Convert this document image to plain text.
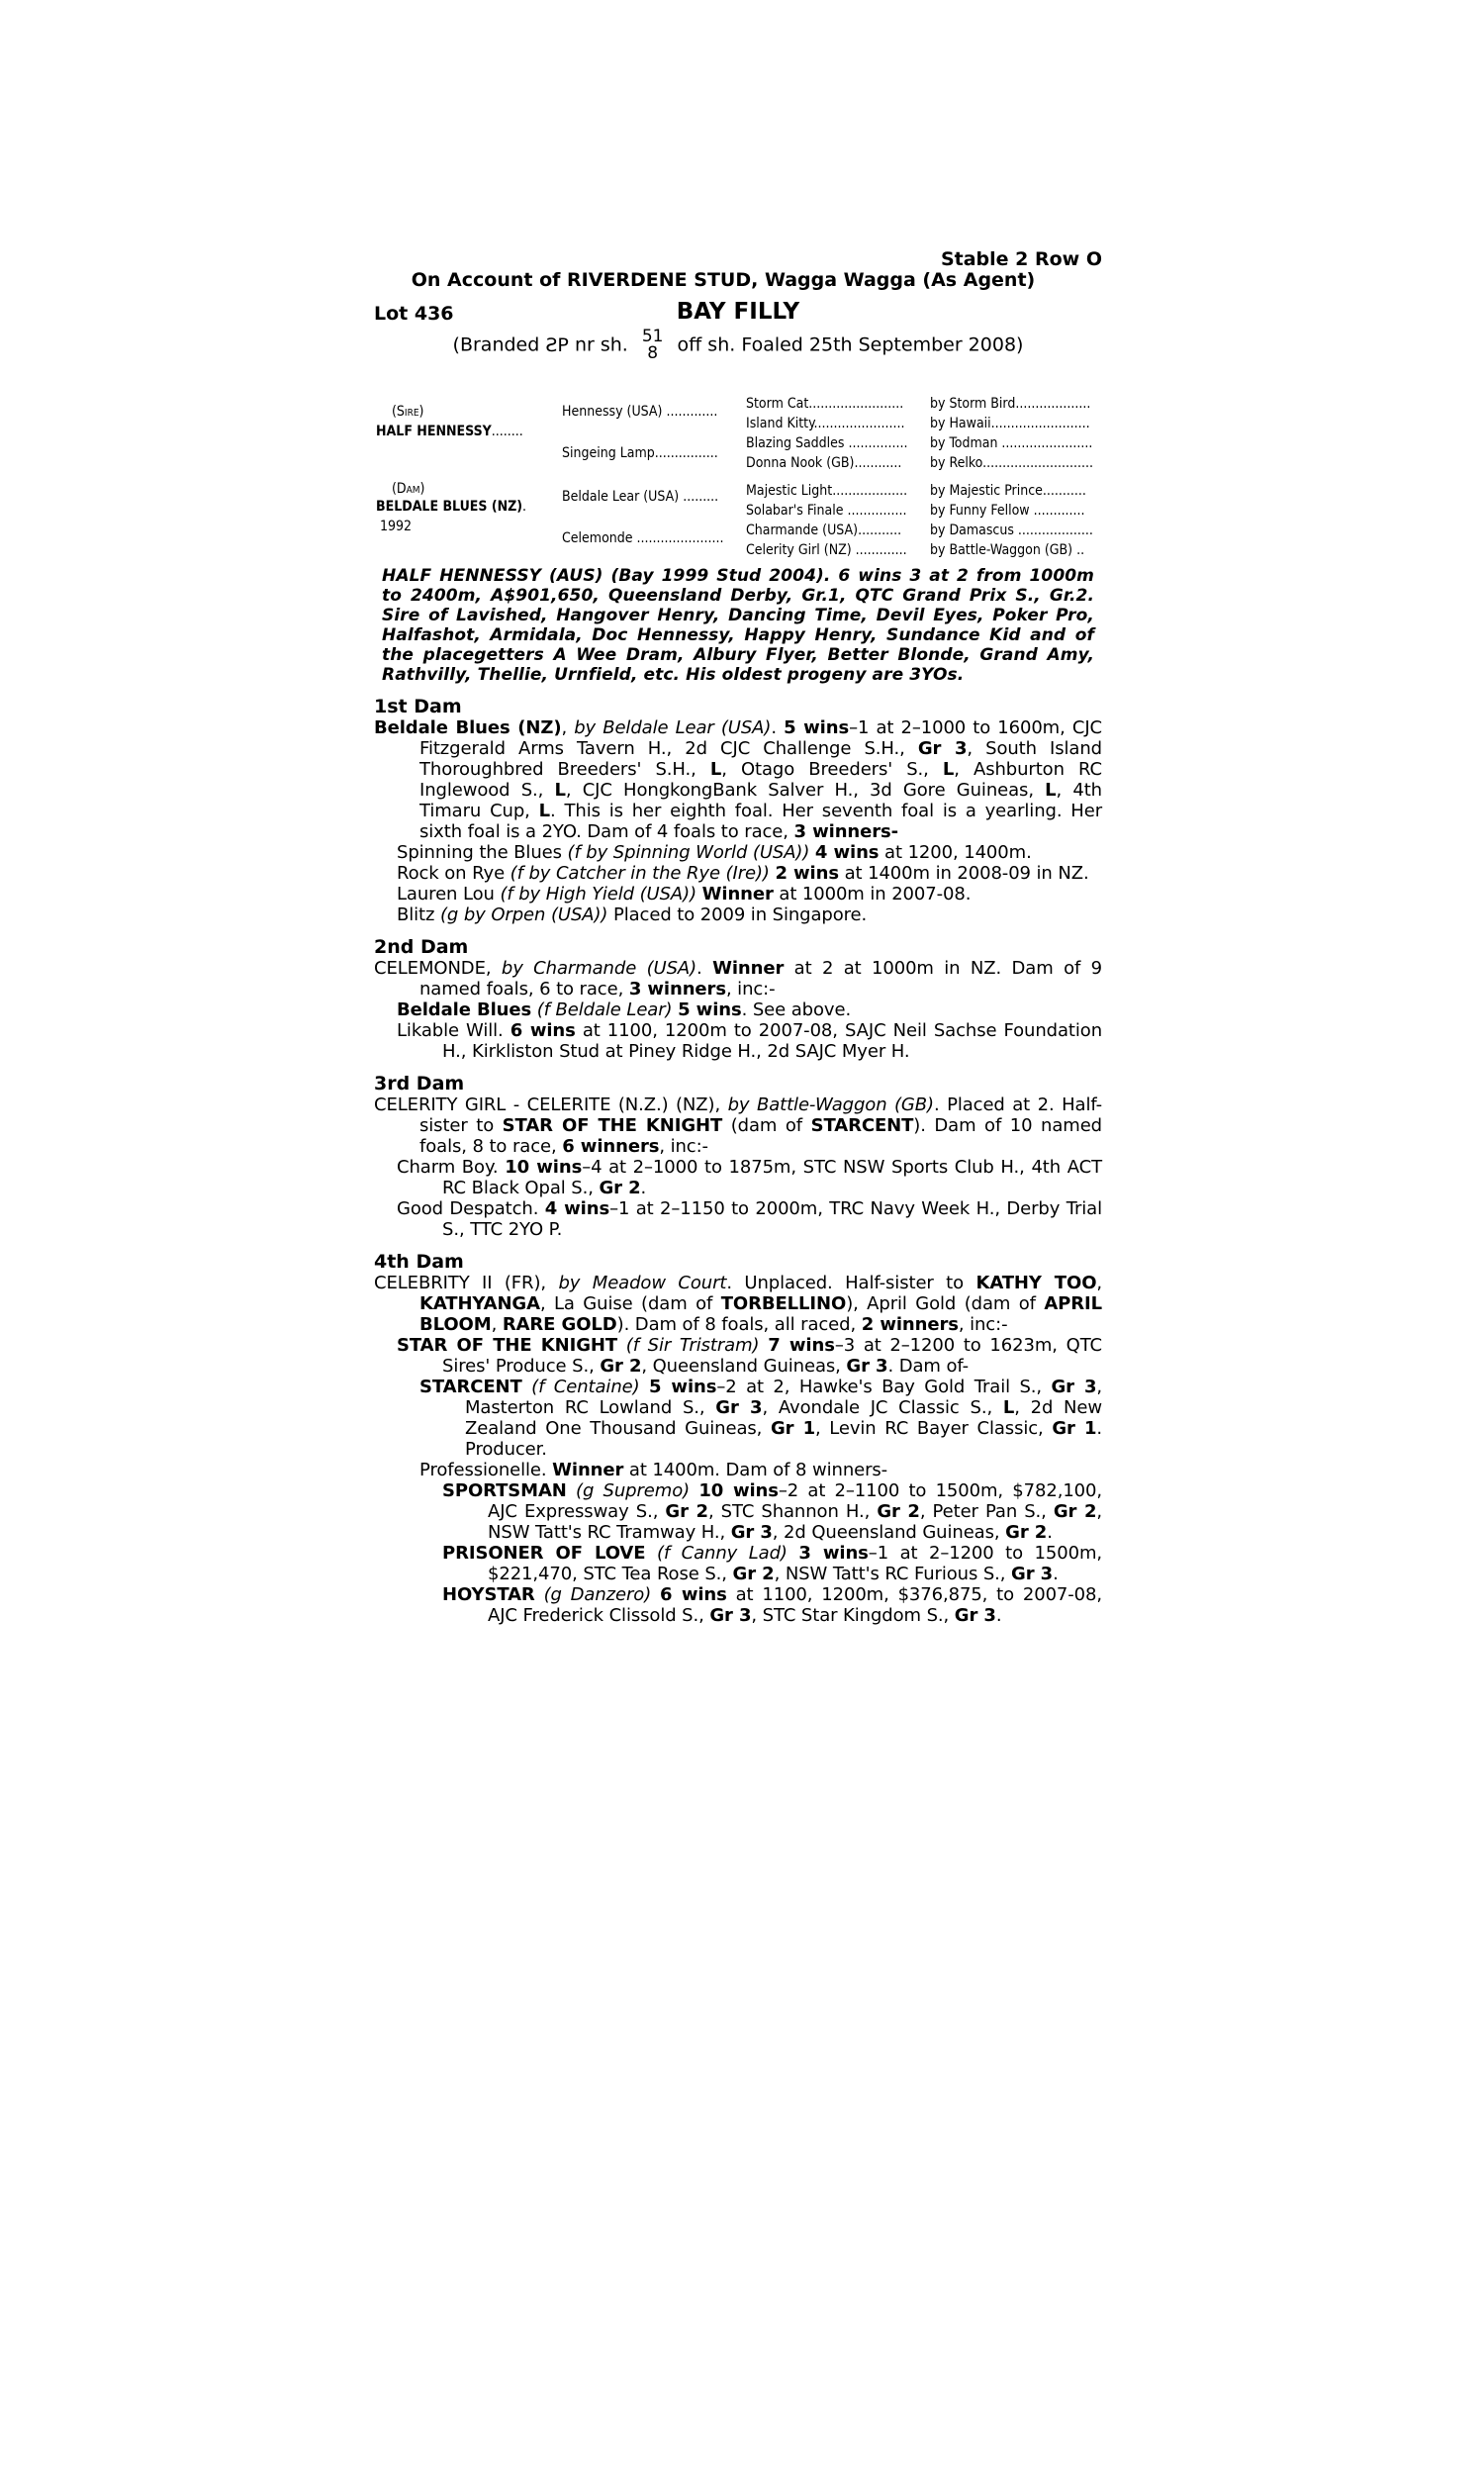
Stable 2 Row O
On Account of RIVERDENE STUD, Wagga Wagga (As Agent)
Lot 436	BAY FILLY
(Branded ƧP nr sh. 51
8 off sh. Foaled 25th September 2008)
(Sire)
HALF HENNESSY........
(Dam)
BELDALE BLUES (NZ).
1992
Hennessy (USA) .............
Singeing Lamp................
Beldale Lear (USA) .........
Celemonde ......................
Storm Cat........................
Island Kitty.......................
Blazing Saddles ...............
Donna Nook (GB)............
Majestic Light...................
Solabar's Finale ...............
Charmande (USA)...........
Celerity Girl (NZ) .............
by Storm Bird...................
by Hawaii.........................
by Todman .......................
by Relko............................
by Majestic Prince...........
by Funny Fellow .............
by Damascus ...................
by Battle-Waggon (GB) ..
HALF HENNESSY (AUS) (Bay 1999 Stud 2004). 6 wins 3 at 2 from 1000m to 2400m, A$901,650, Queensland Derby, Gr.1, QTC Grand Prix S., Gr.2. Sire of Lavished, Hangover Henry, Dancing Time, Devil Eyes, Poker Pro, Halfashot, Armidala, Doc Hennessy, Happy Henry, Sundance Kid and of the placegetters A Wee Dram, Albury Flyer, Better Blonde, Grand Amy, Rathvilly, Thellie, Urnfield, etc. His oldest progeny are 3YOs.
1st Dam
Beldale Blues (NZ), by Beldale Lear (USA). 5 wins–1 at 2–1000 to 1600m, CJC Fitzgerald Arms Tavern H., 2d CJC Challenge S.H., Gr 3, South Island Thoroughbred Breeders' S.H., L, Otago Breeders' S., L, Ashburton RC Inglewood S., L, CJC HongkongBank Salver H., 3d Gore Guineas, L, 4th Timaru Cup, L. This is her eighth foal. Her seventh foal is a yearling. Her sixth foal is a 2YO. Dam of 4 foals to race, 3 winners-
Spinning the Blues (f by Spinning World (USA)) 4 wins at 1200, 1400m.
Rock on Rye (f by Catcher in the Rye (Ire)) 2 wins at 1400m in 2008-09 in NZ.
Lauren Lou (f by High Yield (USA)) Winner at 1000m in 2007-08.
Blitz (g by Orpen (USA)) Placed to 2009 in Singapore.
2nd Dam
CELEMONDE, by Charmande (USA). Winner at 2 at 1000m in NZ. Dam of 9 named foals, 6 to race, 3 winners, inc:-
Beldale Blues (f Beldale Lear) 5 wins. See above.
Likable Will. 6 wins at 1100, 1200m to 2007-08, SAJC Neil Sachse Foundation H., Kirkliston Stud at Piney Ridge H., 2d SAJC Myer H.
3rd Dam
CELERITY GIRL - CELERITE (N.Z.) (NZ), by Battle-Waggon (GB). Placed at 2. Half-sister to STAR OF THE KNIGHT (dam of STARCENT). Dam of 10 named foals, 8 to race, 6 winners, inc:-
Charm Boy. 10 wins–4 at 2–1000 to 1875m, STC NSW Sports Club H., 4th ACT RC Black Opal S., Gr 2.
Good Despatch. 4 wins–1 at 2–1150 to 2000m, TRC Navy Week H., Derby Trial S., TTC 2YO P.
4th Dam
CELEBRITY II (FR), by Meadow Court. Unplaced. Half-sister to KATHY TOO, KATHYANGA, La Guise (dam of TORBELLINO), April Gold (dam of APRIL BLOOM, RARE GOLD). Dam of 8 foals, all raced, 2 winners, inc:-
STAR OF THE KNIGHT (f Sir Tristram) 7 wins–3 at 2–1200 to 1623m, QTC Sires' Produce S., Gr 2, Queensland Guineas, Gr 3. Dam of-
STARCENT (f Centaine) 5 wins–2 at 2, Hawke's Bay Gold Trail S., Gr 3, Masterton RC Lowland S., Gr 3, Avondale JC Classic S., L, 2d New Zealand One Thousand Guineas, Gr 1, Levin RC Bayer Classic, Gr 1. Producer.
Professionelle. Winner at 1400m. Dam of 8 winners-
SPORTSMAN (g Supremo) 10 wins–2 at 2–1100 to 1500m, $782,100, AJC Expressway S., Gr 2, STC Shannon H., Gr 2, Peter Pan S., Gr 2, NSW Tatt's RC Tramway H., Gr 3, 2d Queensland Guineas, Gr 2.
PRISONER OF LOVE (f Canny Lad) 3 wins–1 at 2–1200 to 1500m, $221,470, STC Tea Rose S., Gr 2, NSW Tatt's RC Furious S., Gr 3.
HOYSTAR (g Danzero) 6 wins at 1100, 1200m, $376,875, to 2007-08, AJC Frederick Clissold S., Gr 3, STC Star Kingdom S., Gr 3.
